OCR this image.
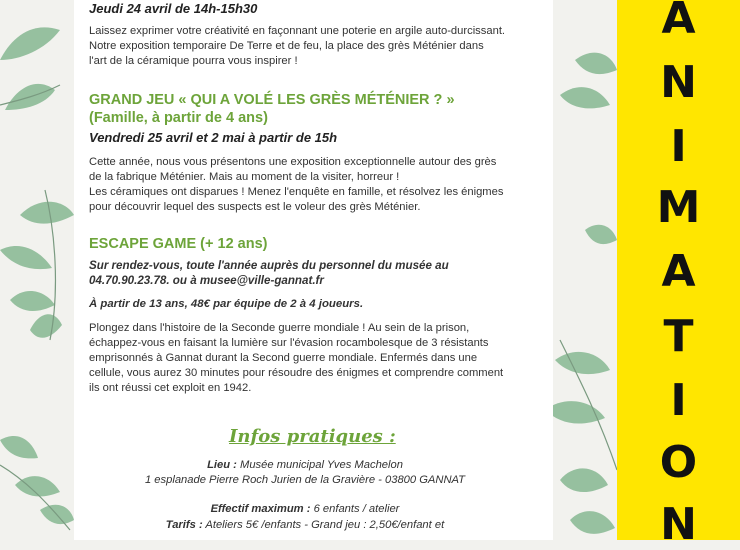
Jeudi 24 avril de 14h-15h30

Laissez exprimer votre créativité en façonnant une poterie en argile auto-durcissant.

Notre exposition temporaire De Terre et de feu, la place des grès Méténier dans

l'art de la céramique pourra vous inspirer !

GRAND JEU « QUI A VOLÉ LES GRÈS MÉTÉNIER ? »
(Famille, à partir de 4 ans)
Vendredi 25 avril et 2 mai à partir de 15h

Cette année, nous vous présentons une exposition exceptionnelle autour des grès

de la fabrique Méténier. Mais au moment de la visiter, horreur !

Les céramiques ont disparues ! Menez l'enquête en famille, et résolvez les énigmes

pour découvrir lequel des suspects est le voleur des grès Méténier.

ESCAPE GAME (+ 12 ans)

Sur rendez-vous, toute l'année auprès du personnel du musée au

04.70.90.23.78. ou à musee@ville-gannat.fr

À partir de 13 ans, 48€ par équipe de 2 à 4 joueurs.

Plongez dans l'histoire de la Seconde guerre mondiale ! Au sein de la prison,

échappez-vous en faisant la lumière sur l'évasion rocambolesque de 3 résistants

emprisonnés à Gannat durant la Second guerre mondiale. Enfermés dans une

cellule, vous aurez 30 minutes pour résoudre des énigmes et comprendre comment

ils ont réussi cet exploit en 1942.

Infos pratiques :
Lieu : Musée municipal Yves Machelon
1 esplanade Pierre Roch Jurien de la Gravière - 03800 GANNAT
Effectif maximum : 6 enfants / atelier
Tarifs : Ateliers 5€ /enfants - Grand jeu : 2,50€/enfant et
A
N
I
M
A
T
I
O
N
